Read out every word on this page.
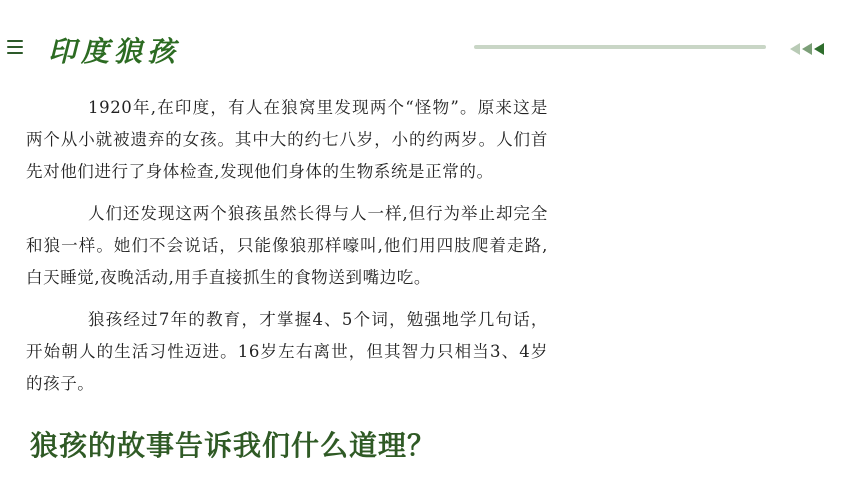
印度狼孩

1920年,在印度，有人在狼窝里发现两个“怪物”。原来这是两个从小就被遗弃的女孩。其中大的约七八岁，小的约两岁。人们首先对他们进行了身体检查,发现他们身体的生物系统是正常的。

人们还发现这两个狼孩虽然长得与人一样,但行为举止却完全和狼一样。她们不会说话，只能像狼那样嚎叫,他们用四肢爬着走路,白天睡觉,夜晚活动,用手直接抓生的食物送到嘴边吃。

狼孩经过7年的教育，才掌握4、5个词，勉强地学几句话，开始朝人的生活习性迈进。16岁左右离世，但其智力只相当3、4岁的孩子。

狼孩的故事告诉我们什么道理？
